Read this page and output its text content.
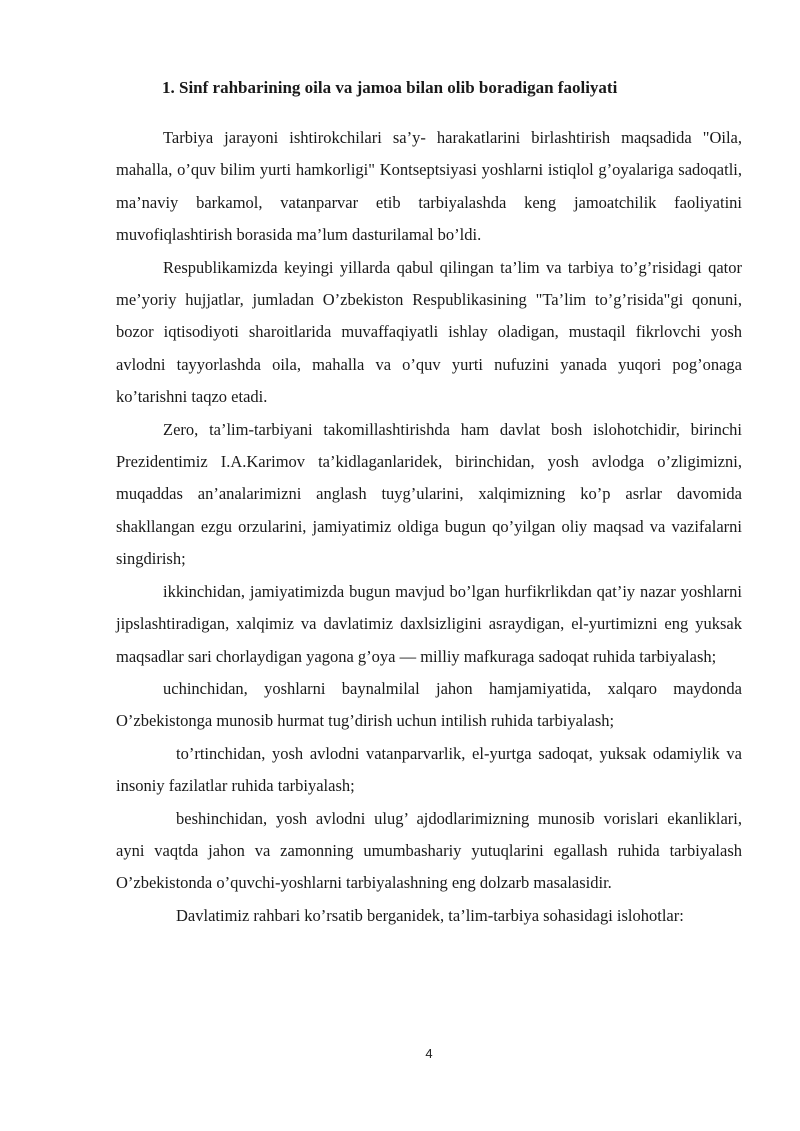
1. Sinf rahbarining oila va jamoa bilan olib boradigan faoliyati

Tarbiya jarayoni ishtirokchilari sa’y- harakatlarini birlashtirish maqsadida "Oila, mahalla, o’quv bilim yurti hamkorligi" Kontseptsiyasi yoshlarni istiqlol g’oyalariga sadoqatli, ma’naviy barkamol, vatanparvar etib tarbiyalashda keng jamoatchilik faoliyatini muvofiqlashtirish borasida ma’lum dasturilamal bo’ldi.

Respublikamizda keyingi yillarda qabul qilingan ta’lim va tarbiya to’g’risidagi qator me’yoriy hujjatlar, jumladan O’zbekiston Respublikasining "Ta’lim to’g’risida"gi qonuni, bozor iqtisodiyoti sharoitlarida muvaffaqiyatli ishlay oladigan, mustaqil fikrlovchi yosh avlodni tayyorlashda oila, mahalla va o’quv yurti nufuzini yanada yuqori pog’onaga ko’tarishni taqzo etadi.

Zero, ta’lim-tarbiyani takomillashtirishda ham davlat bosh islohotchidir, birinchi Prezidentimiz I.A.Karimov ta’kidlaganlaridek, birinchidan, yosh avlodga o’zligimizni, muqaddas an’analarimizni anglash tuyg’ularini, xalqimizning ko’p asrlar davomida shakllangan ezgu orzularini, jamiyatimiz oldiga bugun qo’yilgan oliy maqsad va vazifalarni singdirish;

ikkinchidan, jamiyatimizda bugun mavjud bo’lgan hurfikrlikdan qat’iy nazar yoshlarni jipslashtiradigan, xalqimiz va davlatimiz daxlsizligini asraydigan, el-yurtimizni eng yuksak maqsadlar sari chorlaydigan yagona g’oya — milliy mafkuraga sadoqat ruhida tarbiyalash;

uchinchidan, yoshlarni baynalmilal jahon hamjamiyatida, xalqaro maydonda O’zbekistonga munosib hurmat tug’dirish uchun intilish ruhida tarbiyalash;

to’rtinchidan, yosh avlodni vatanparvarlik, el-yurtga sadoqat, yuksak odamiylik va insoniy fazilatlar ruhida tarbiyalash;

beshinchidan, yosh avlodni ulug’ ajdodlarimizning munosib vorislari ekanliklari, ayni vaqtda jahon va zamonning umumbashariy yutuqlarini egallash ruhida tarbiyalash O’zbekistonda o’quvchi-yoshlarni tarbiyalashning eng dolzarb masalasidir.

Davlatimiz rahbari ko’rsatib berganidek, ta’lim-tarbiya sohasidagi islohotlar:

4
